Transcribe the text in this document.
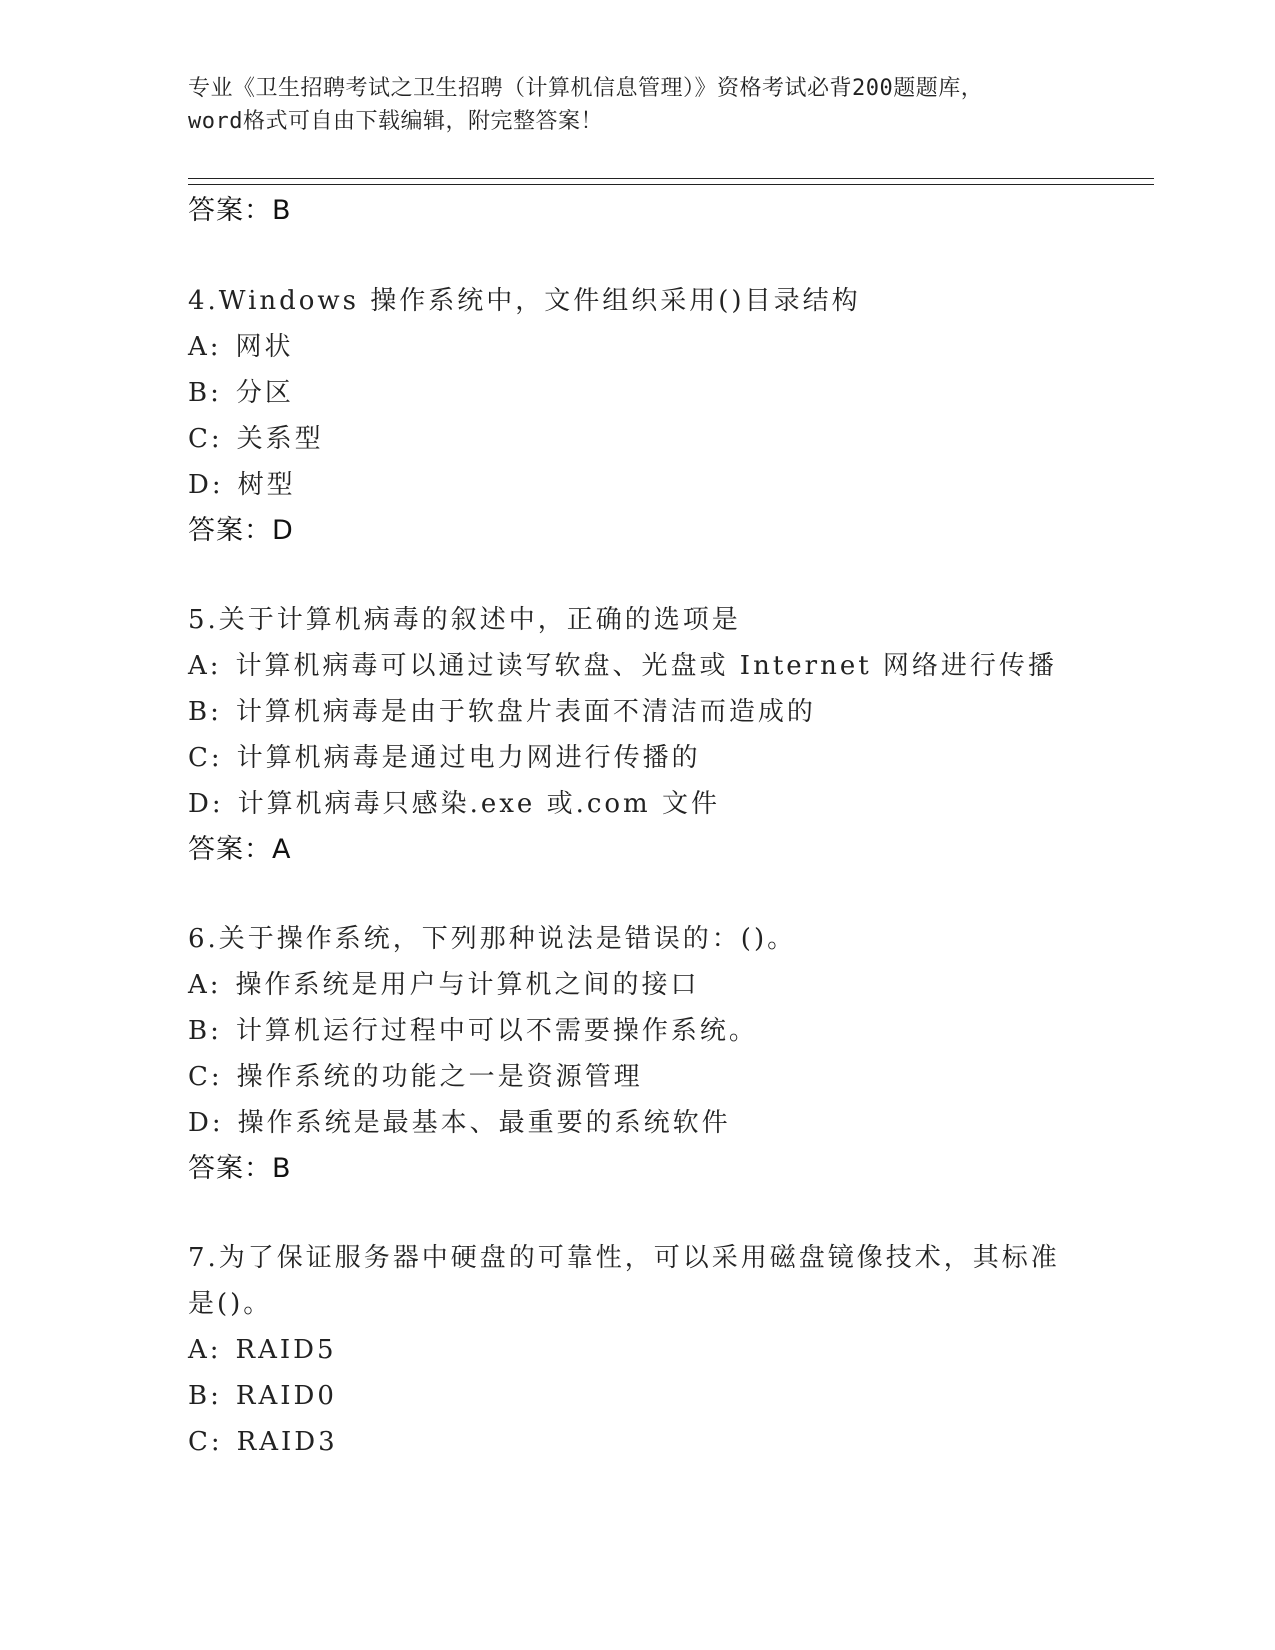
专业《卫生招聘考试之卫生招聘（计算机信息管理）》资格考试必背200题题库，
word格式可自由下载编辑，附完整答案！
答案：B
4.Windows 操作系统中，文件组织采用()目录结构
A: 网状
B: 分区
C: 关系型
D: 树型
答案：D
5.关于计算机病毒的叙述中，正确的选项是
A: 计算机病毒可以通过读写软盘、光盘或 Internet 网络进行传播
B: 计算机病毒是由于软盘片表面不清洁而造成的
C: 计算机病毒是通过电力网进行传播的
D: 计算机病毒只感染.exe 或.com 文件
答案：A
6.关于操作系统，下列那种说法是错误的：()。
A: 操作系统是用户与计算机之间的接口
B: 计算机运行过程中可以不需要操作系统。
C: 操作系统的功能之一是资源管理
D: 操作系统是最基本、最重要的系统软件
答案：B
7.为了保证服务器中硬盘的可靠性，可以采用磁盘镜像技术，其标准是()。
A: RAID5
B: RAID0
C: RAID3
